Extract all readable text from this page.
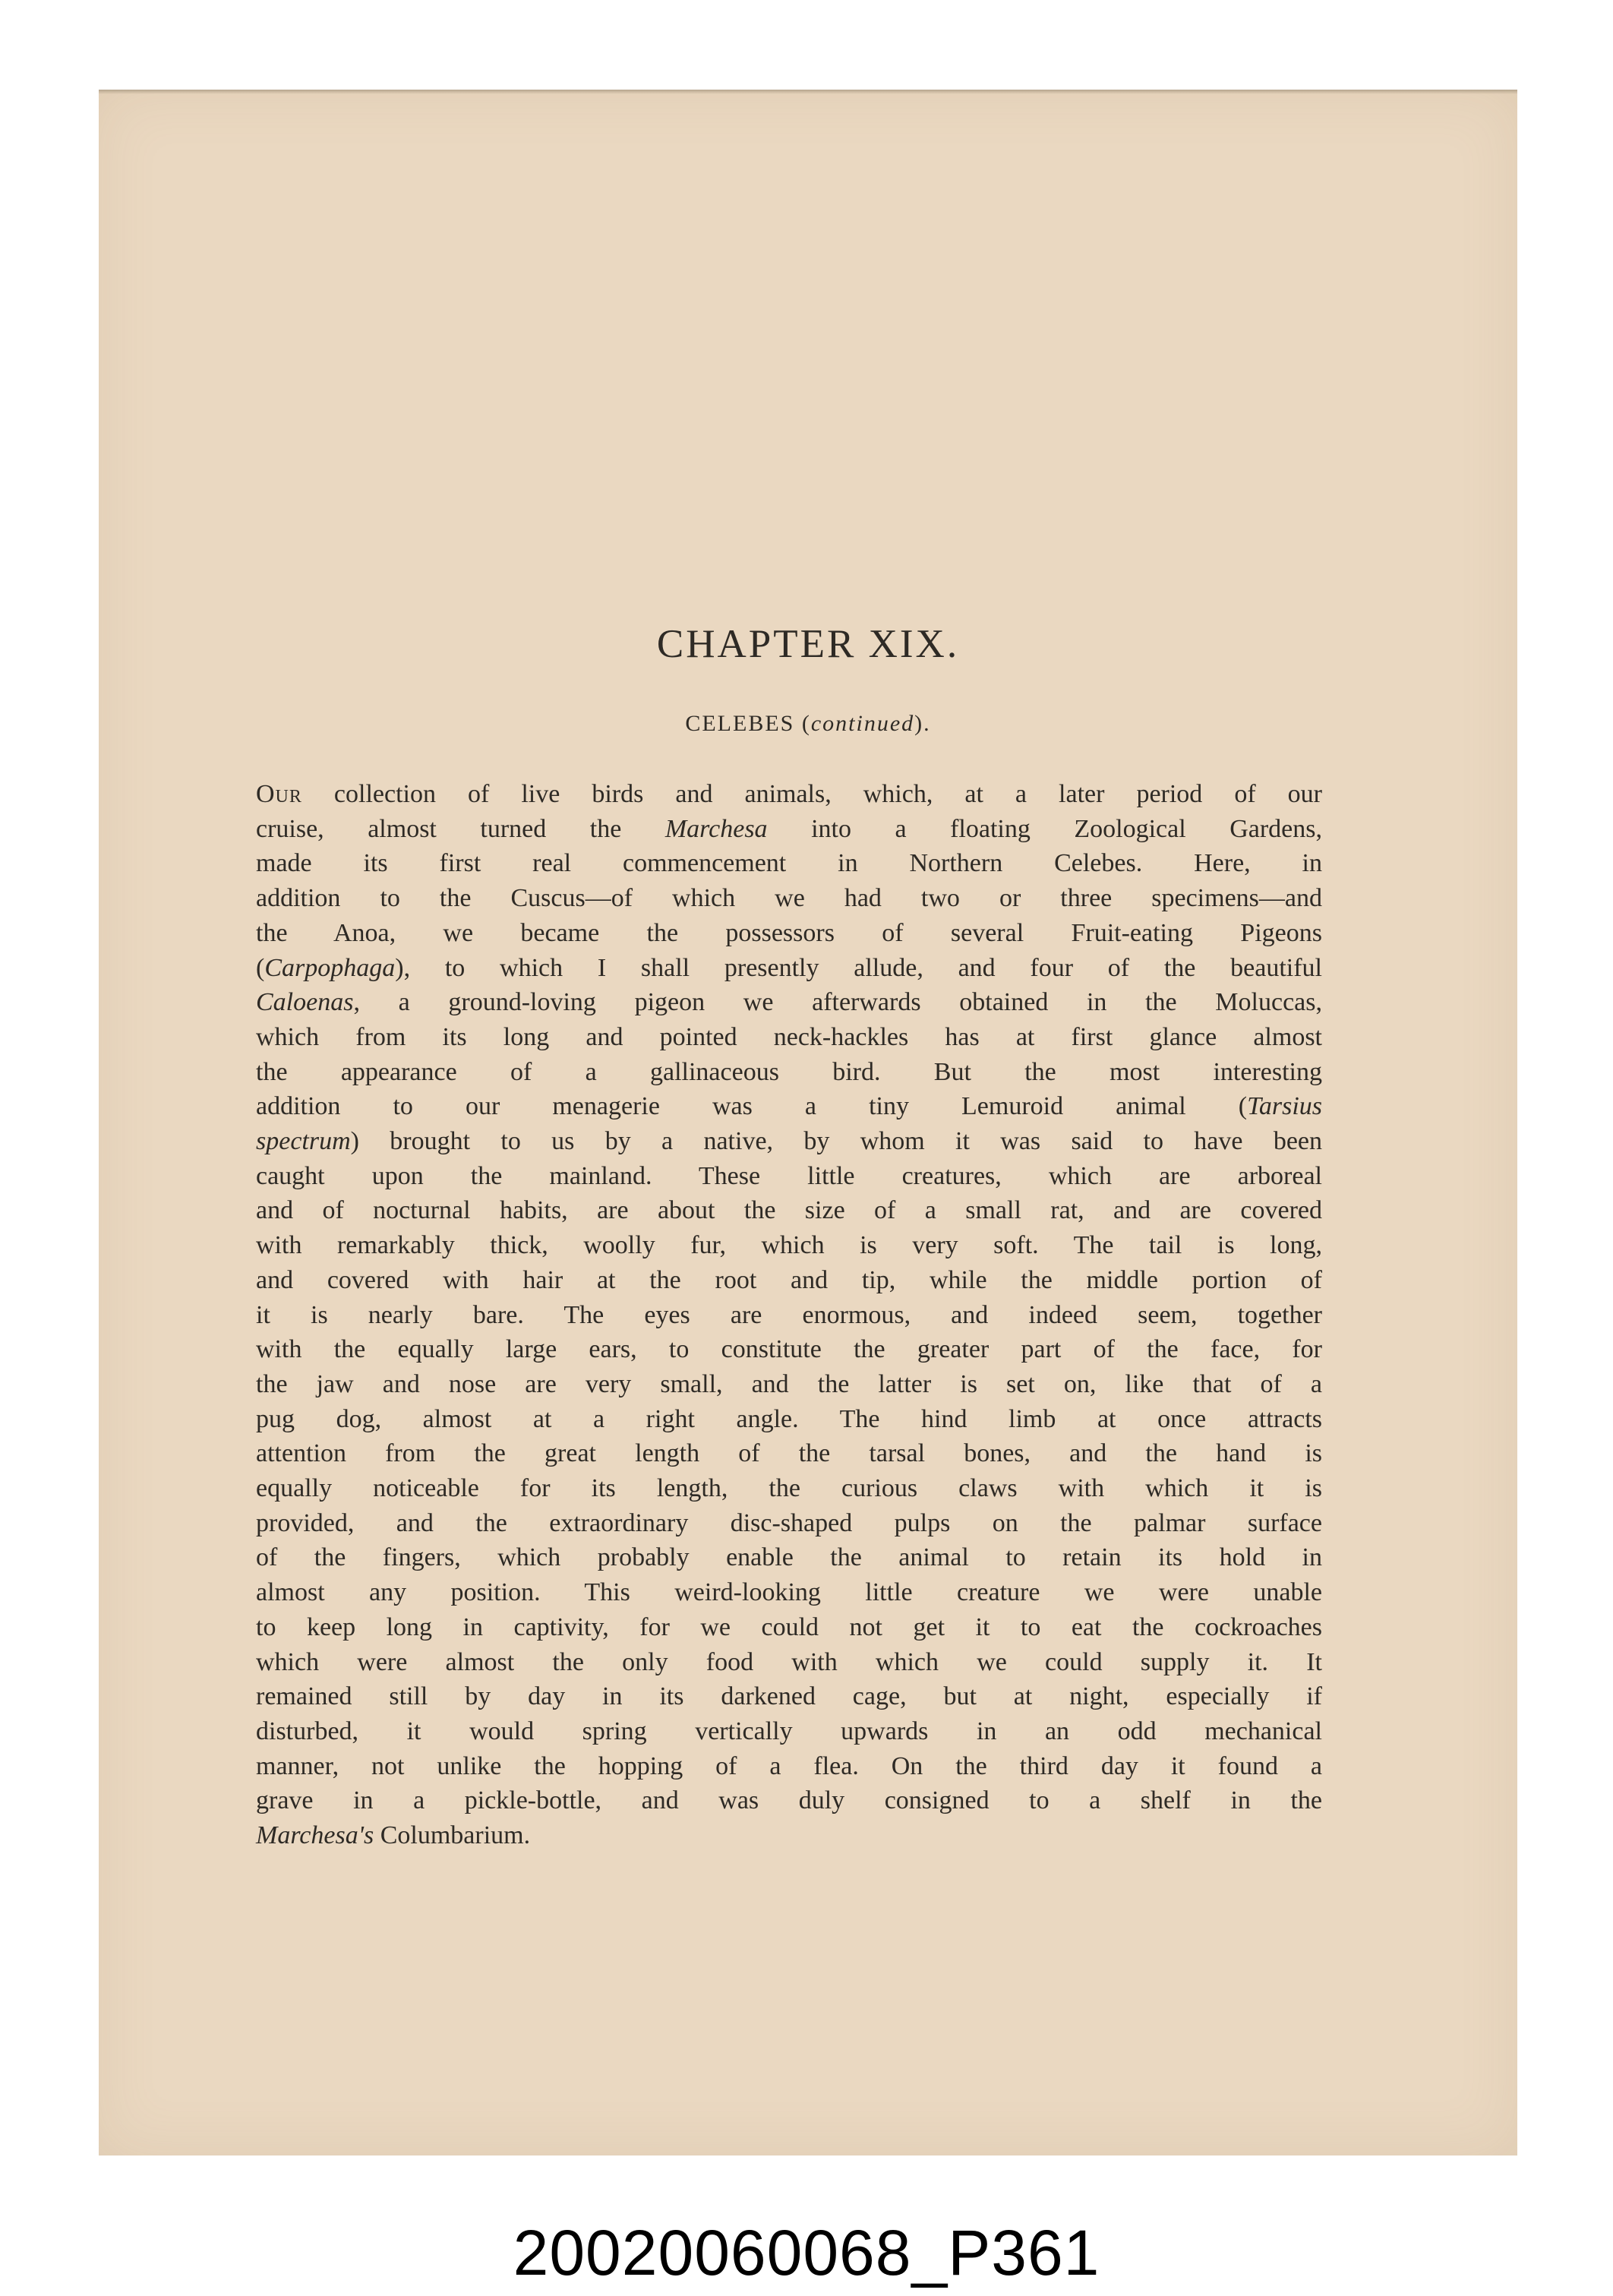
CHAPTER XIX.
CELEBES (continued).
Our collection of live birds and animals, which, at a later period of our
cruise, almost turned the Marchesa into a floating Zoological Gardens,
made its first real commencement in Northern Celebes. Here, in
addition to the Cuscus—of which we had two or three specimens—and
the Anoa, we became the possessors of several Fruit-eating Pigeons
(Carpophaga), to which I shall presently allude, and four of the beautiful
Caloenas, a ground-loving pigeon we afterwards obtained in the Moluccas,
which from its long and pointed neck-hackles has at first glance almost
the appearance of a gallinaceous bird. But the most interesting
addition to our menagerie was a tiny Lemuroid animal (Tarsius
spectrum) brought to us by a native, by whom it was said to have been
caught upon the mainland. These little creatures, which are arboreal
and of nocturnal habits, are about the size of a small rat, and are covered
with remarkably thick, woolly fur, which is very soft. The tail is long,
and covered with hair at the root and tip, while the middle portion of
it is nearly bare. The eyes are enormous, and indeed seem, together
with the equally large ears, to constitute the greater part of the face, for
the jaw and nose are very small, and the latter is set on, like that of a
pug dog, almost at a right angle. The hind limb at once attracts
attention from the great length of the tarsal bones, and the hand is
equally noticeable for its length, the curious claws with which it is
provided, and the extraordinary disc-shaped pulps on the palmar surface
of the fingers, which probably enable the animal to retain its hold in
almost any position. This weird-looking little creature we were unable
to keep long in captivity, for we could not get it to eat the cockroaches
which were almost the only food with which we could supply it. It
remained still by day in its darkened cage, but at night, especially if
disturbed, it would spring vertically upwards in an odd mechanical
manner, not unlike the hopping of a flea. On the third day it found a
grave in a pickle-bottle, and was duly consigned to a shelf in the
Marchesa's Columbarium.
20020060068_P361
